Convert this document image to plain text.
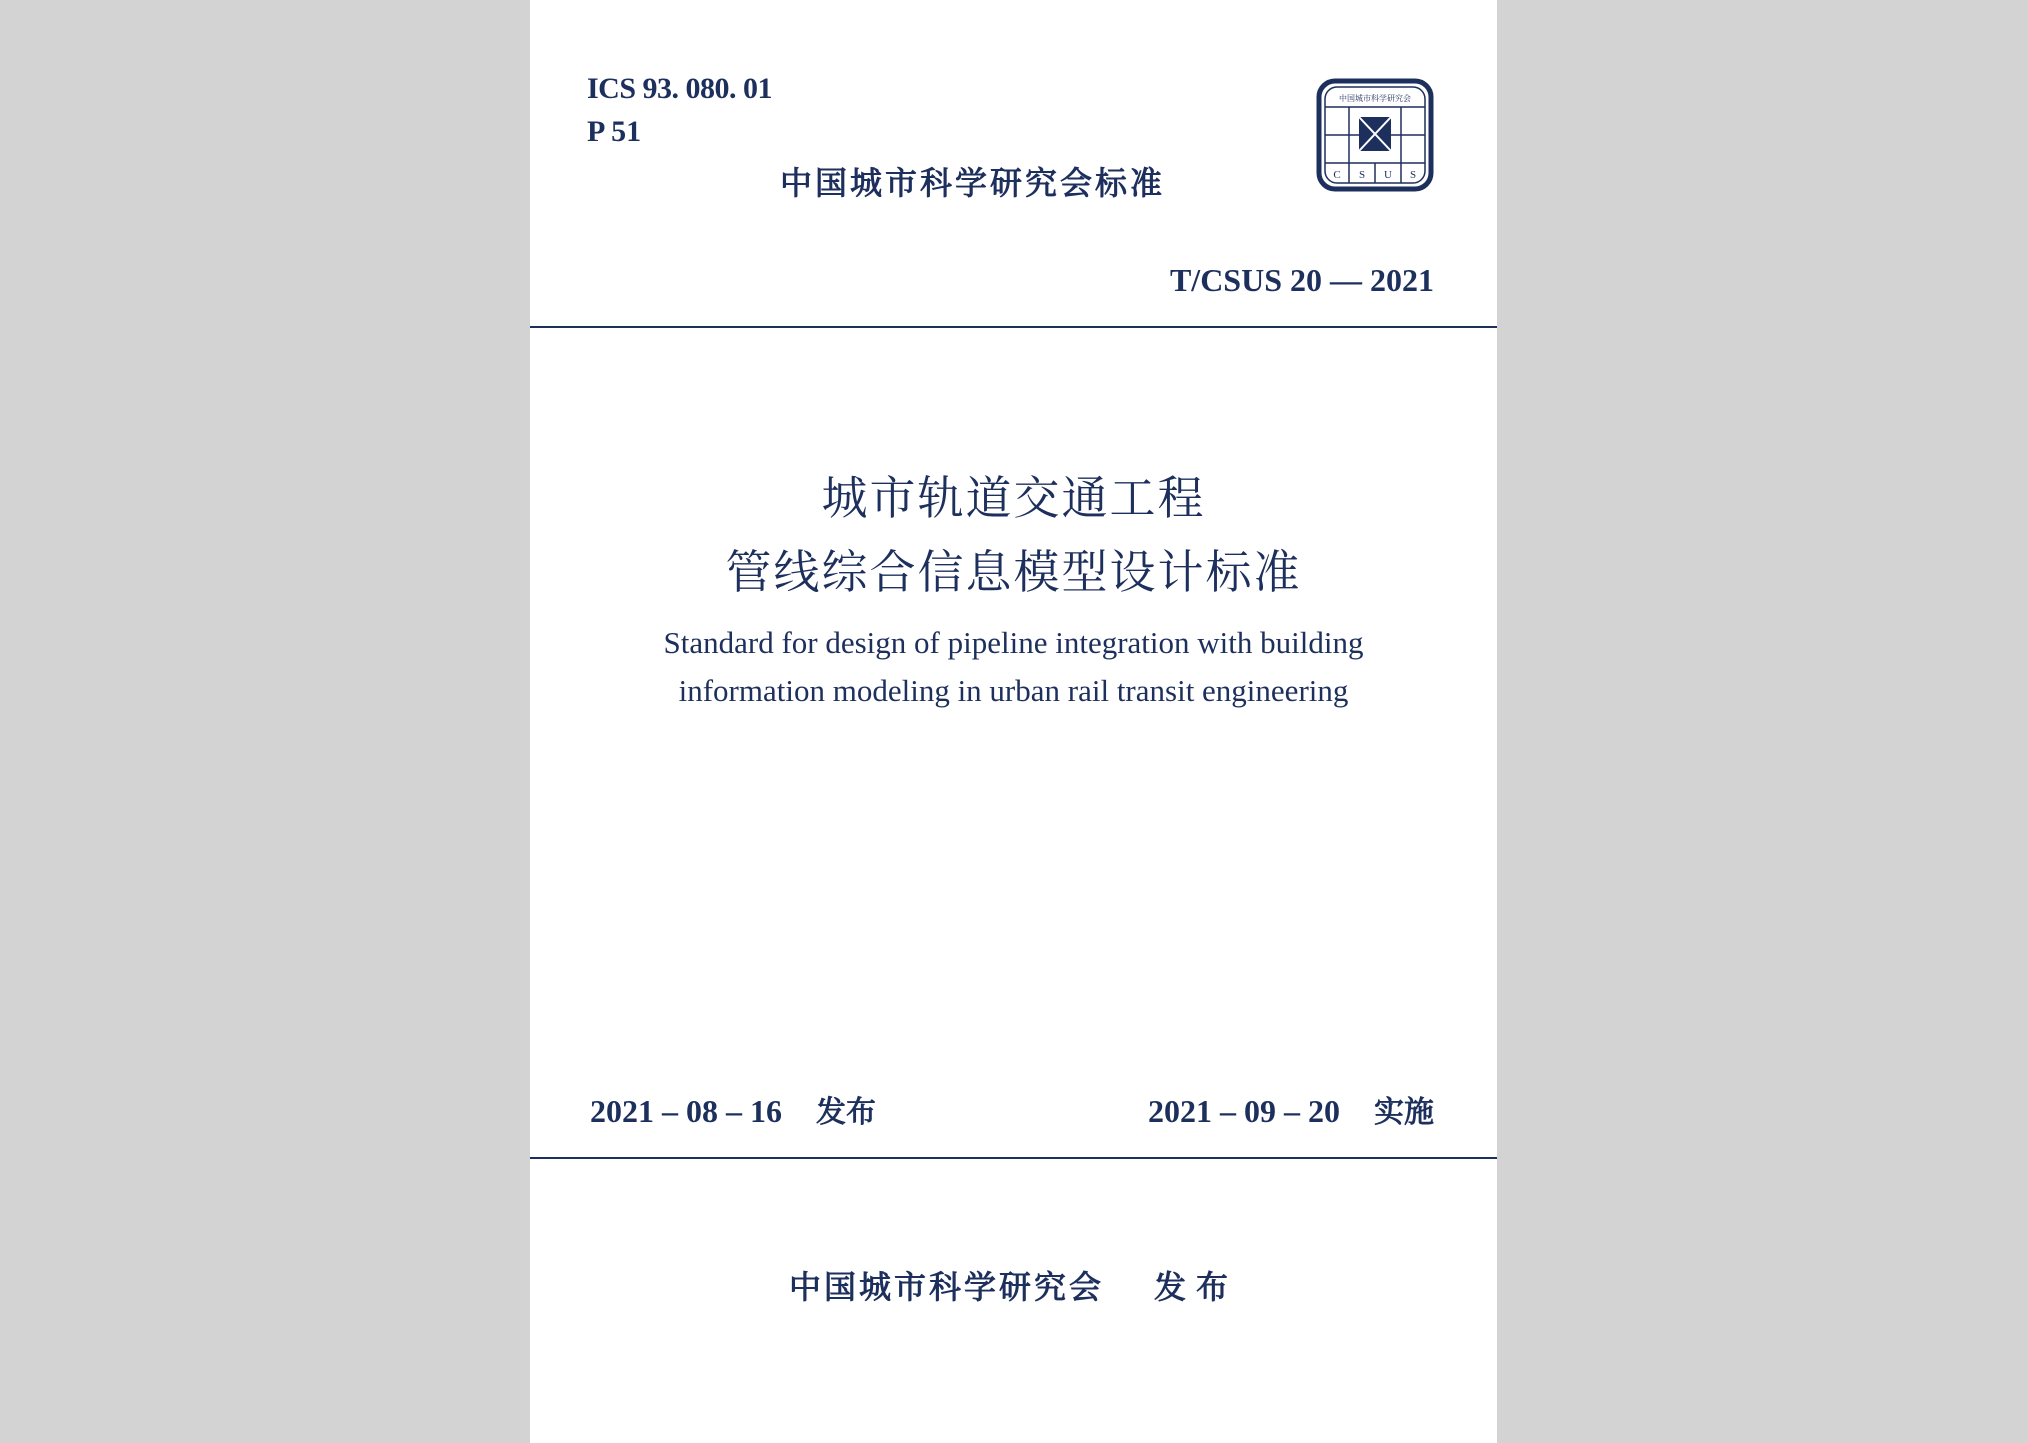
ICS 93. 080. 01
P 51
中国城市科学研究会标准
中国城市科学研究会
C S U S
T/CSUS 20 — 2021
城市轨道交通工程
管线综合信息模型设计标准
Standard for design of pipeline integration with building
information modeling in urban rail transit engineering
2021 – 08 – 16 发布	2021 – 09 – 20 实施
中国城市科学研究会 发布
